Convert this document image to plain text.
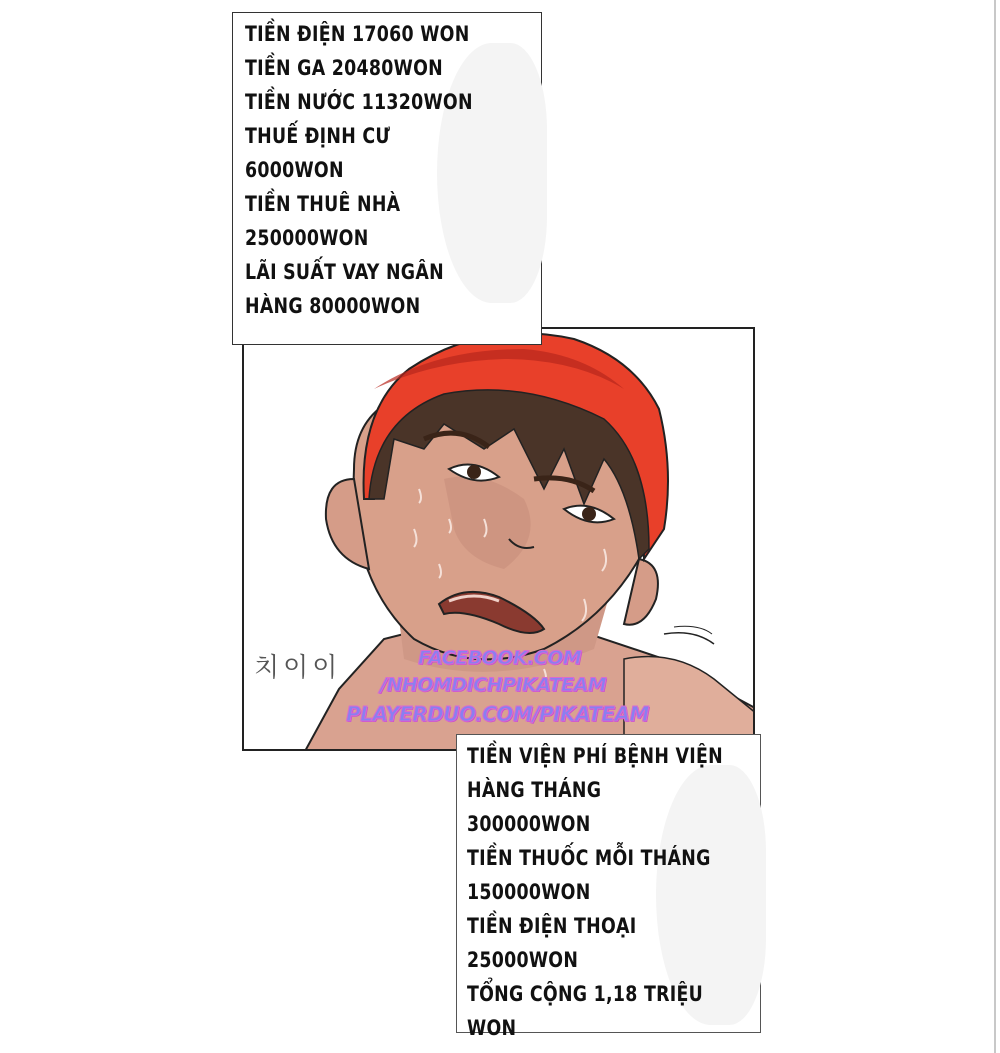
치이이	FACEBOOK.COM
/NHOMDICHPIKATEAM
PLAYERDUO.COM/PIKATEAM
TIỀN ĐIỆN 17060 WON
TIỀN GA 20480WON
TIỀN NƯỚC 11320WON
THUẾ ĐỊNH CƯ
6000WON
TIỀN THUÊ NHÀ
250000WON
LÃI SUẤT VAY NGÂN
HÀNG 80000WON
TIỀN VIỆN PHÍ BỆNH VIỆN
HÀNG THÁNG
300000WON
TIỀN THUỐC MỖI THÁNG
150000WON
TIỀN ĐIỆN THOẠI
25000WON
TỔNG CỘNG 1,18 TRIỆU
WON
